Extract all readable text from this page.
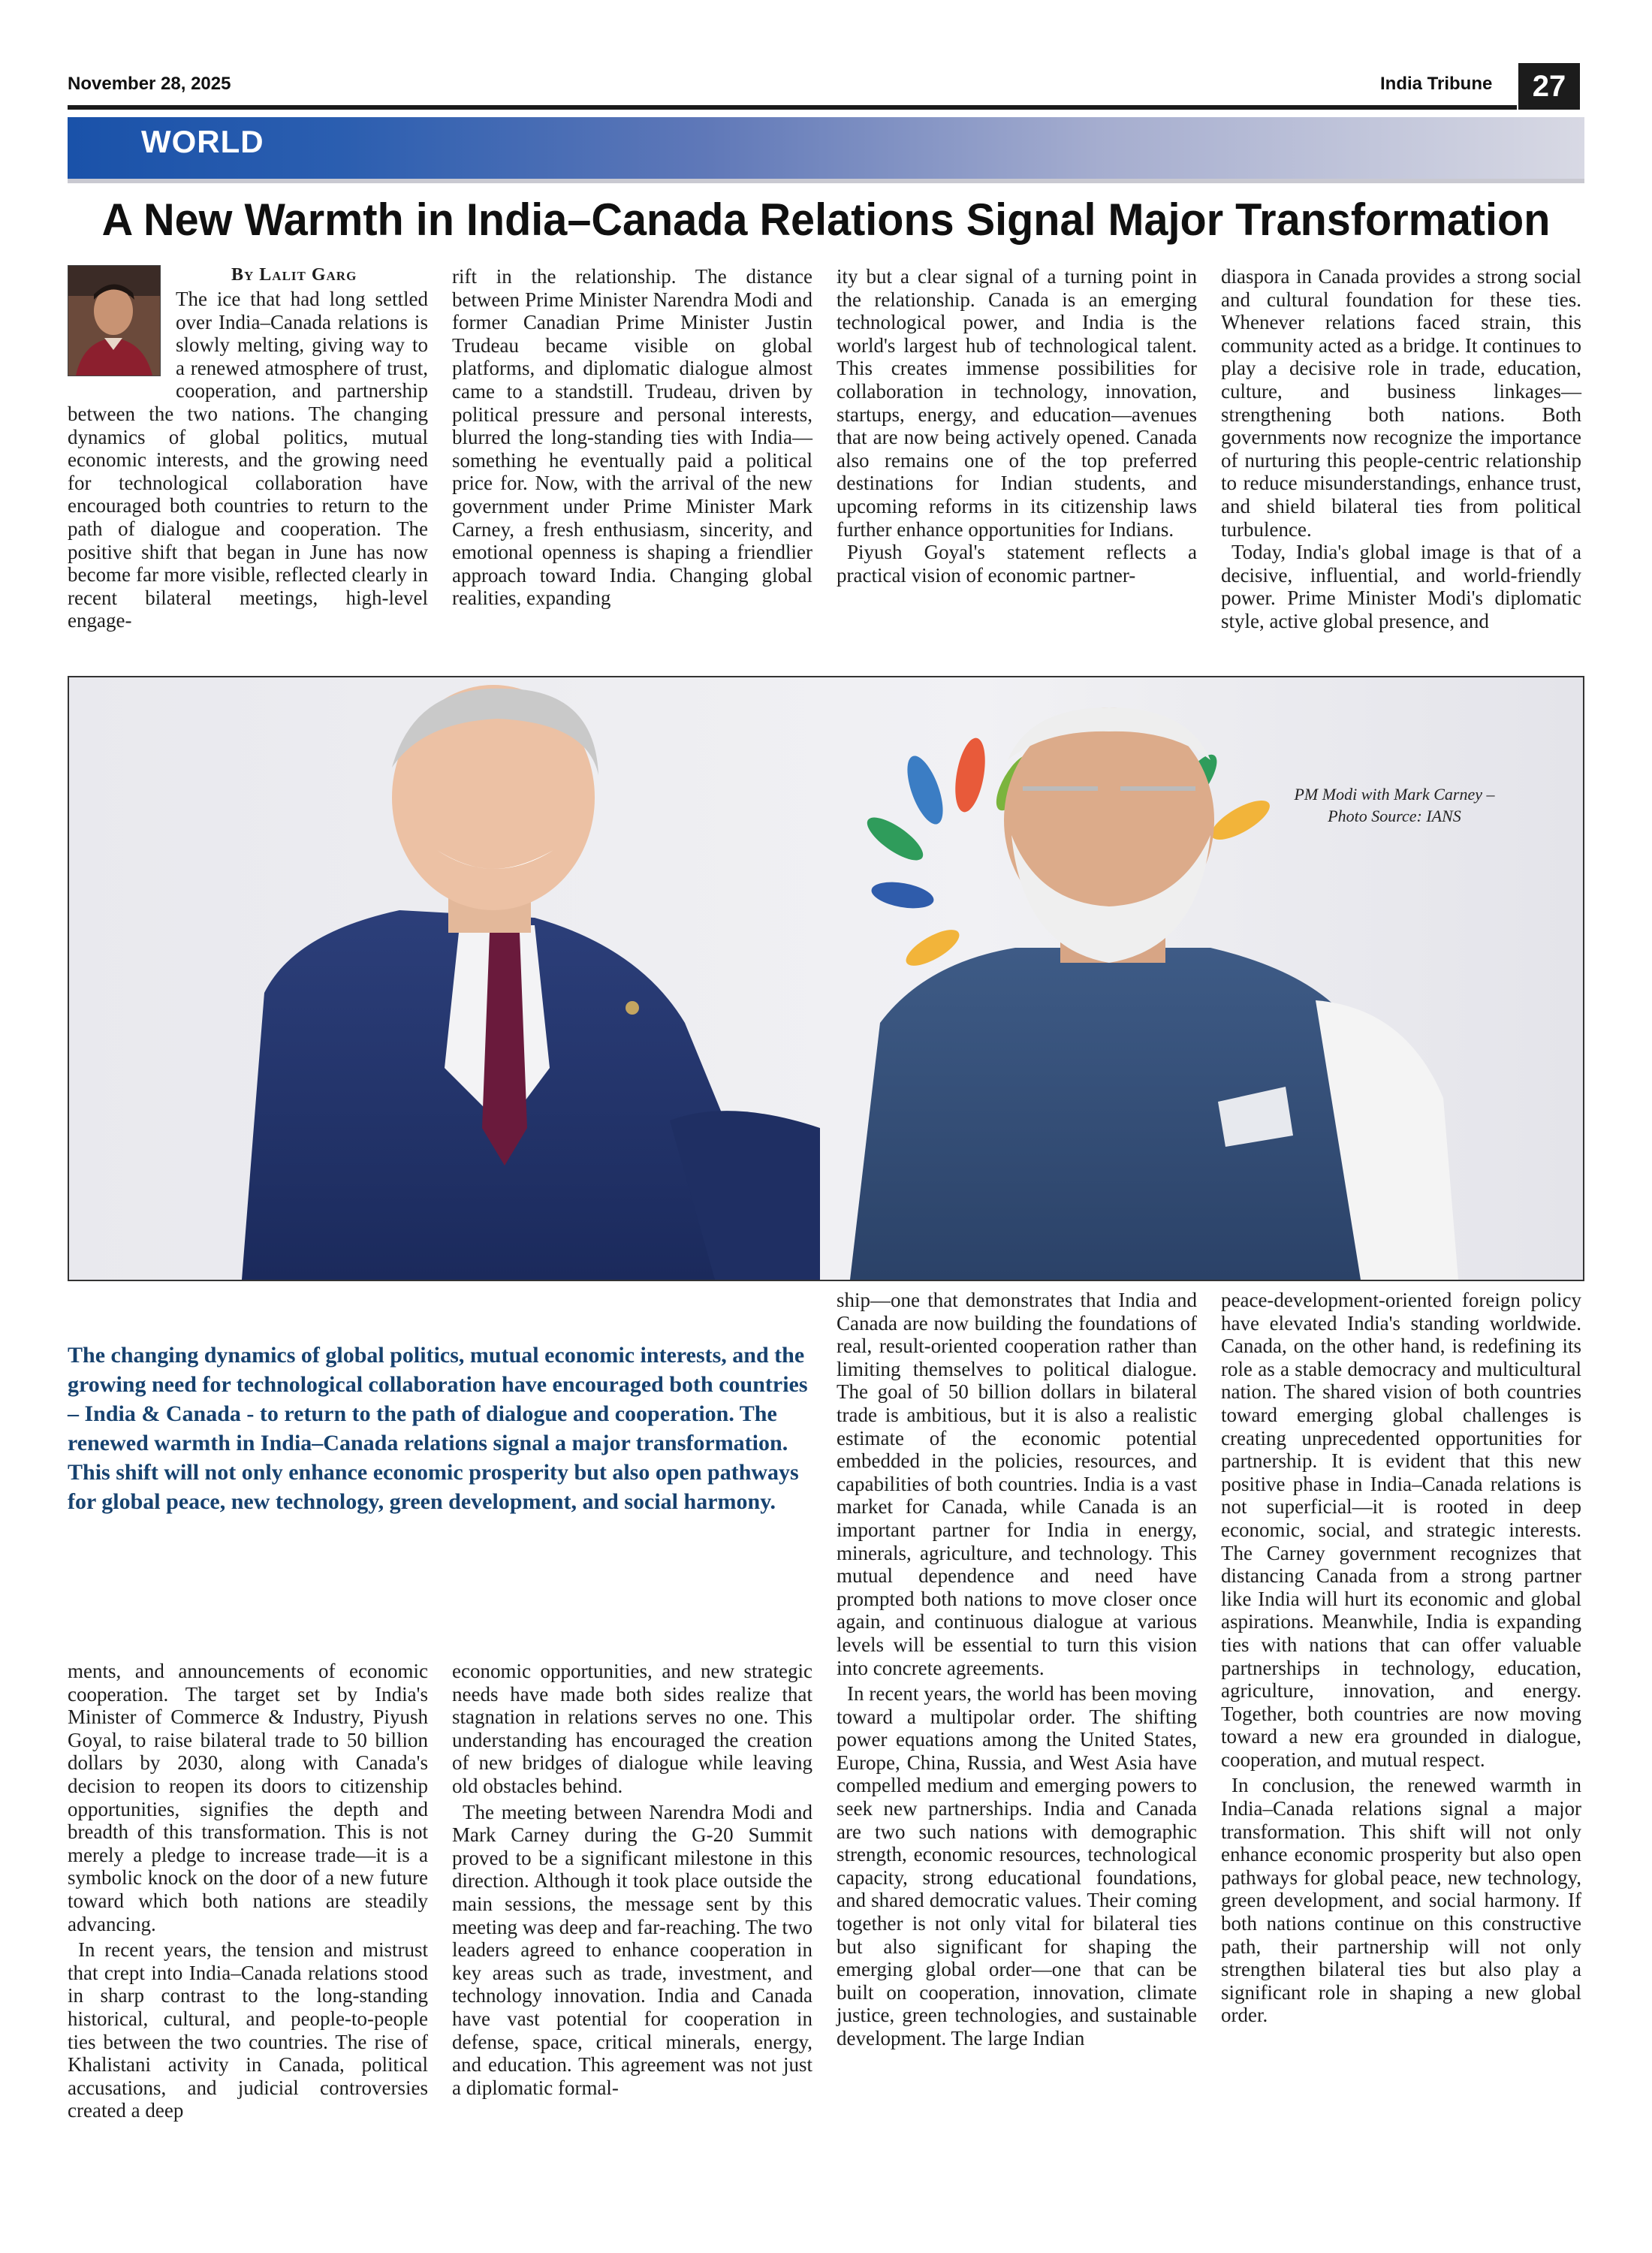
November 28, 2025	India Tribune	27
WORLD
A New Warmth in India–Canada Relations Signal Major Transformation
By Lalit Garg

The ice that had long settled over India–Canada relations is slowly melting, giving way to a renewed atmosphere of trust, cooperation, and partnership between the two nations. The changing dynamics of global politics, mutual economic interests, and the growing need for technological collaboration have encouraged both countries to return to the path of dialogue and cooperation. The positive shift that began in June has now become far more visible, reflected clearly in recent bilateral meetings, high-level engage-

rift in the relationship. The distance between Prime Minister Narendra Modi and former Canadian Prime Minister Justin Trudeau became visible on global platforms, and diplomatic dialogue almost came to a standstill. Trudeau, driven by political pressure and personal interests, blurred the long-standing ties with India—something he eventually paid a political price for. Now, with the arrival of the new government under Prime Minister Mark Carney, a fresh enthusiasm, sincerity, and emotional openness is shaping a friendlier approach toward India. Changing global realities, expanding

ity but a clear signal of a turning point in the relationship. Canada is an emerging technological power, and India is the world's largest hub of technological talent. This creates immense possibilities for collaboration in technology, innovation, startups, energy, and education—avenues that are now being actively opened. Canada also remains one of the top preferred destinations for Indian students, and upcoming reforms in its citizenship laws further enhance opportunities for Indians.

Piyush Goyal's statement reflects a practical vision of economic partner-

diaspora in Canada provides a strong social and cultural foundation for these ties. Whenever relations faced strain, this community acted as a bridge. It continues to play a decisive role in trade, education, culture, and business linkages—strengthening both nations. Both governments now recognize the importance of nurturing this people-centric relationship to reduce misunderstandings, enhance trust, and shield bilateral ties from political turbulence.

Today, India's global image is that of a decisive, influential, and world-friendly power. Prime Minister Modi's diplomatic style, active global presence, and

PM Modi with Mark Carney – Photo Source: IANS
The changing dynamics of global politics, mutual economic interests, and the growing need for technological collaboration have encouraged both countries – India & Canada - to return to the path of dialogue and cooperation. The renewed warmth in India–Canada relations signal a major transformation. This shift will not only enhance economic prosperity but also open pathways for global peace, new technology, green development, and social harmony.

ments, and announcements of economic cooperation. The target set by India's Minister of Commerce & Industry, Piyush Goyal, to raise bilateral trade to 50 billion dollars by 2030, along with Canada's decision to reopen its doors to citizenship opportunities, signifies the depth and breadth of this transformation. This is not merely a pledge to increase trade—it is a symbolic knock on the door of a new future toward which both nations are steadily advancing.

In recent years, the tension and mistrust that crept into India–Canada relations stood in sharp contrast to the long-standing historical, cultural, and people-to-people ties between the two countries. The rise of Khalistani activity in Canada, political accusations, and judicial controversies created a deep

economic opportunities, and new strategic needs have made both sides realize that stagnation in relations serves no one. This understanding has encouraged the creation of new bridges of dialogue while leaving old obstacles behind.

The meeting between Narendra Modi and Mark Carney during the G-20 Summit proved to be a significant milestone in this direction. Although it took place outside the main sessions, the message sent by this meeting was deep and far-reaching. The two leaders agreed to enhance cooperation in key areas such as trade, investment, and technology innovation. India and Canada have vast potential for cooperation in defense, space, critical minerals, energy, and education. This agreement was not just a diplomatic formal-

ship—one that demonstrates that India and Canada are now building the foundations of real, result-oriented cooperation rather than limiting themselves to political dialogue. The goal of 50 billion dollars in bilateral trade is ambitious, but it is also a realistic estimate of the economic potential embedded in the policies, resources, and capabilities of both countries. India is a vast market for Canada, while Canada is an important partner for India in energy, minerals, agriculture, and technology. This mutual dependence and need have prompted both nations to move closer once again, and continuous dialogue at various levels will be essential to turn this vision into concrete agreements.

In recent years, the world has been moving toward a multipolar order. The shifting power equations among the United States, Europe, China, Russia, and West Asia have compelled medium and emerging powers to seek new partnerships. India and Canada are two such nations with demographic strength, economic resources, technological capacity, strong educational foundations, and shared democratic values. Their coming together is not only vital for bilateral ties but also significant for shaping the emerging global order—one that can be built on cooperation, innovation, climate justice, green technologies, and sustainable development. The large Indian

peace-development-oriented foreign policy have elevated India's standing worldwide. Canada, on the other hand, is redefining its role as a stable democracy and multicultural nation. The shared vision of both countries toward emerging global challenges is creating unprecedented opportunities for partnership. It is evident that this new positive phase in India–Canada relations is not superficial—it is rooted in deep economic, social, and strategic interests. The Carney government recognizes that distancing Canada from a strong partner like India will hurt its economic and global aspirations. Meanwhile, India is expanding ties with nations that can offer valuable partnerships in technology, education, agriculture, innovation, and energy. Together, both countries are now moving toward a new era grounded in dialogue, cooperation, and mutual respect.

In conclusion, the renewed warmth in India–Canada relations signal a major transformation. This shift will not only enhance economic prosperity but also open pathways for global peace, new technology, green development, and social harmony. If both nations continue on this constructive path, their partnership will not only strengthen bilateral ties but also play a significant role in shaping a new global order.
